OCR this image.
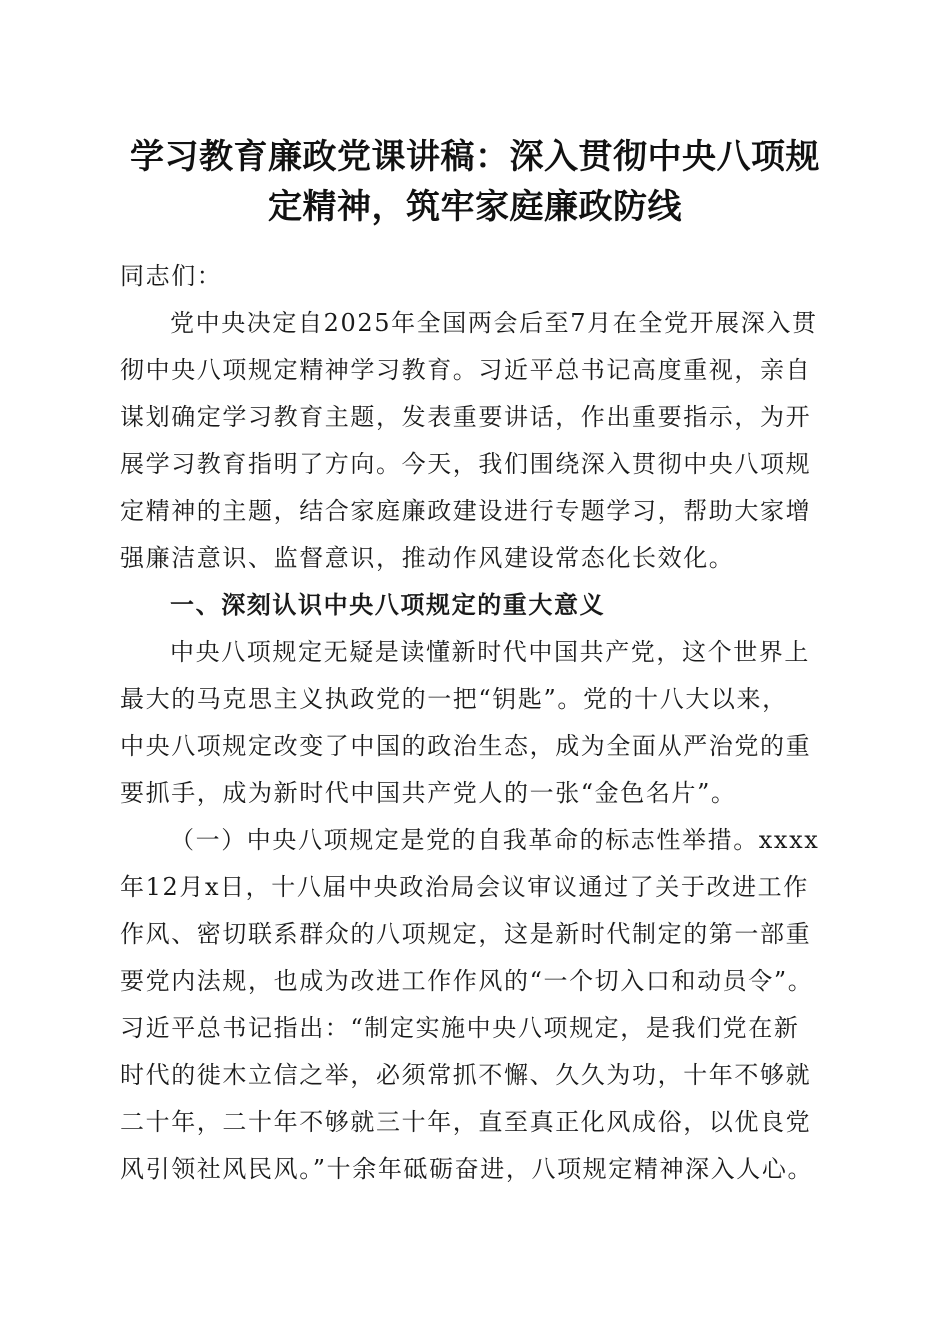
学习教育廉政党课讲稿：深入贯彻中央八项规
定精神，筑牢家庭廉政防线
同志们：
党中央决定自2025年全国两会后至7月在全党开展深入贯
彻中央八项规定精神学习教育。习近平总书记高度重视，亲自
谋划确定学习教育主题，发表重要讲话，作出重要指示，为开
展学习教育指明了方向。今天，我们围绕深入贯彻中央八项规
定精神的主题，结合家庭廉政建设进行专题学习，帮助大家增
强廉洁意识、监督意识，推动作风建设常态化长效化。
一、深刻认识中央八项规定的重大意义
中央八项规定无疑是读懂新时代中国共产党，这个世界上
最大的马克思主义执政党的一把“钥匙”。党的十八大以来，
中央八项规定改变了中国的政治生态，成为全面从严治党的重
要抓手，成为新时代中国共产党人的一张“金色名片”。
（一）中央八项规定是党的自我革命的标志性举措。xxxx
年12月x日，十八届中央政治局会议审议通过了关于改进工作
作风、密切联系群众的八项规定，这是新时代制定的第一部重
要党内法规，也成为改进工作作风的“一个切入口和动员令”。
习近平总书记指出：“制定实施中央八项规定，是我们党在新
时代的徙木立信之举，必须常抓不懈、久久为功，十年不够就
二十年，二十年不够就三十年，直至真正化风成俗，以优良党
风引领社风民风。”十余年砥砺奋进，八项规定精神深入人心。
